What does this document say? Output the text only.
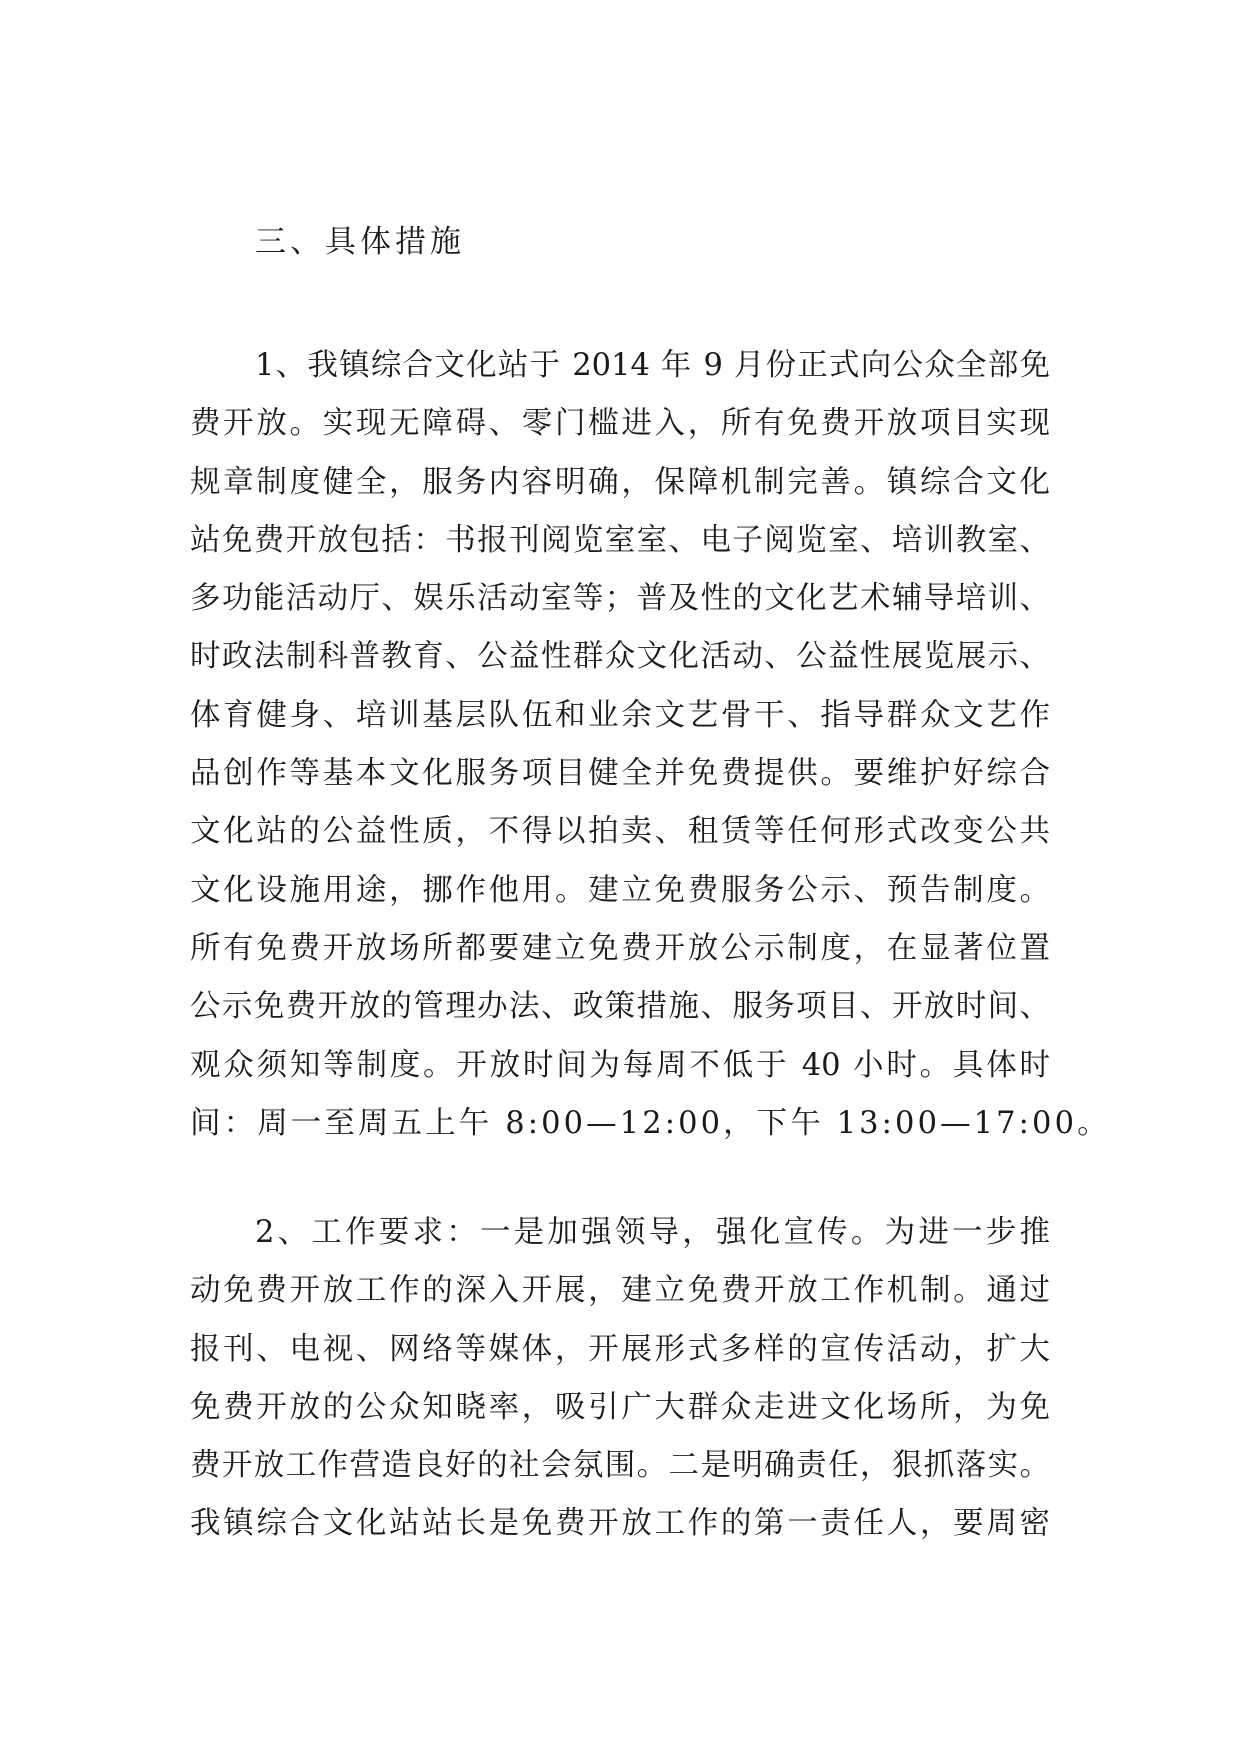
三、具体措施
1、我镇综合文化站于 2014 年 9 月份正式向公众全部免
费开放。实现无障碍、零门槛进入，所有免费开放项目实现
规章制度健全，服务内容明确，保障机制完善。镇综合文化
站免费开放包括：书报刊阅览室室、电子阅览室、培训教室、
多功能活动厅、娱乐活动室等；普及性的文化艺术辅导培训、
时政法制科普教育、公益性群众文化活动、公益性展览展示、
体育健身、培训基层队伍和业余文艺骨干、指导群众文艺作
品创作等基本文化服务项目健全并免费提供。要维护好综合
文化站的公益性质，不得以拍卖、租赁等任何形式改变公共
文化设施用途，挪作他用。建立免费服务公示、预告制度。
所有免费开放场所都要建立免费开放公示制度，在显著位置
公示免费开放的管理办法、政策措施、服务项目、开放时间、
观众须知等制度。开放时间为每周不低于 40 小时。具体时
间：周一至周五上午 8:00—12:00，下午 13:00—17:00。
2、工作要求：一是加强领导，强化宣传。为进一步推
动免费开放工作的深入开展，建立免费开放工作机制。通过
报刊、电视、网络等媒体，开展形式多样的宣传活动，扩大
免费开放的公众知晓率，吸引广大群众走进文化场所，为免
费开放工作营造良好的社会氛围。二是明确责任，狠抓落实。
我镇综合文化站站长是免费开放工作的第一责任人，要周密
